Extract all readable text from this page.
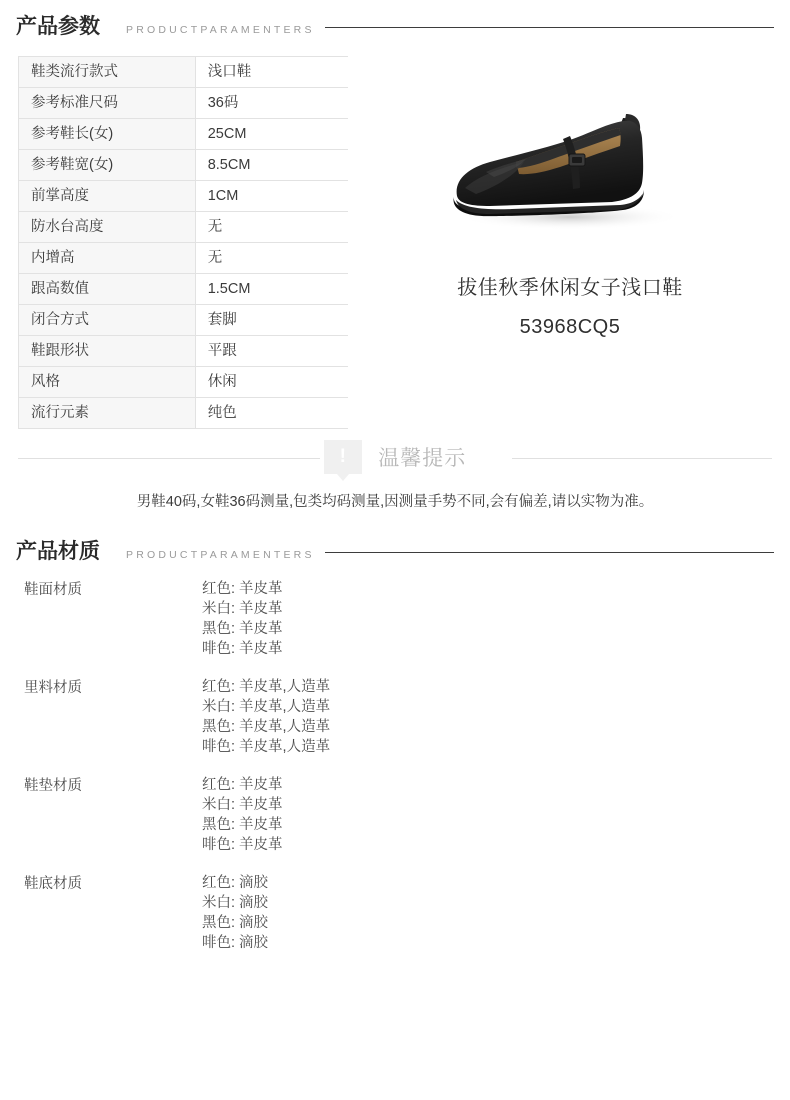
产品参数 PRODUCTPARAMENTERS
鞋类流行款式	浅口鞋
参考标准尺码	36码
参考鞋长(女)	25CM
参考鞋宽(女)	8.5CM
前掌高度	1CM
防水台高度	无
内增高	无
跟高数值	1.5CM
闭合方式	套脚
鞋跟形状	平跟
风格	休闲
流行元素	纯色
拔佳秋季休闲女子浅口鞋
53968CQ5
! 温馨提示
男鞋40码,女鞋36码测量,包类均码测量,因测量手势不同,会有偏差,请以实物为准。
产品材质 PRODUCTPARAMENTERS
鞋面材质	红色: 羊皮革
米白: 羊皮革
黑色: 羊皮革
啡色: 羊皮革
里料材质	红色: 羊皮革,人造革
米白: 羊皮革,人造革
黑色: 羊皮革,人造革
啡色: 羊皮革,人造革
鞋垫材质	红色: 羊皮革
米白: 羊皮革
黑色: 羊皮革
啡色: 羊皮革
鞋底材质	红色: 滴胶
米白: 滴胶
黑色: 滴胶
啡色: 滴胶
